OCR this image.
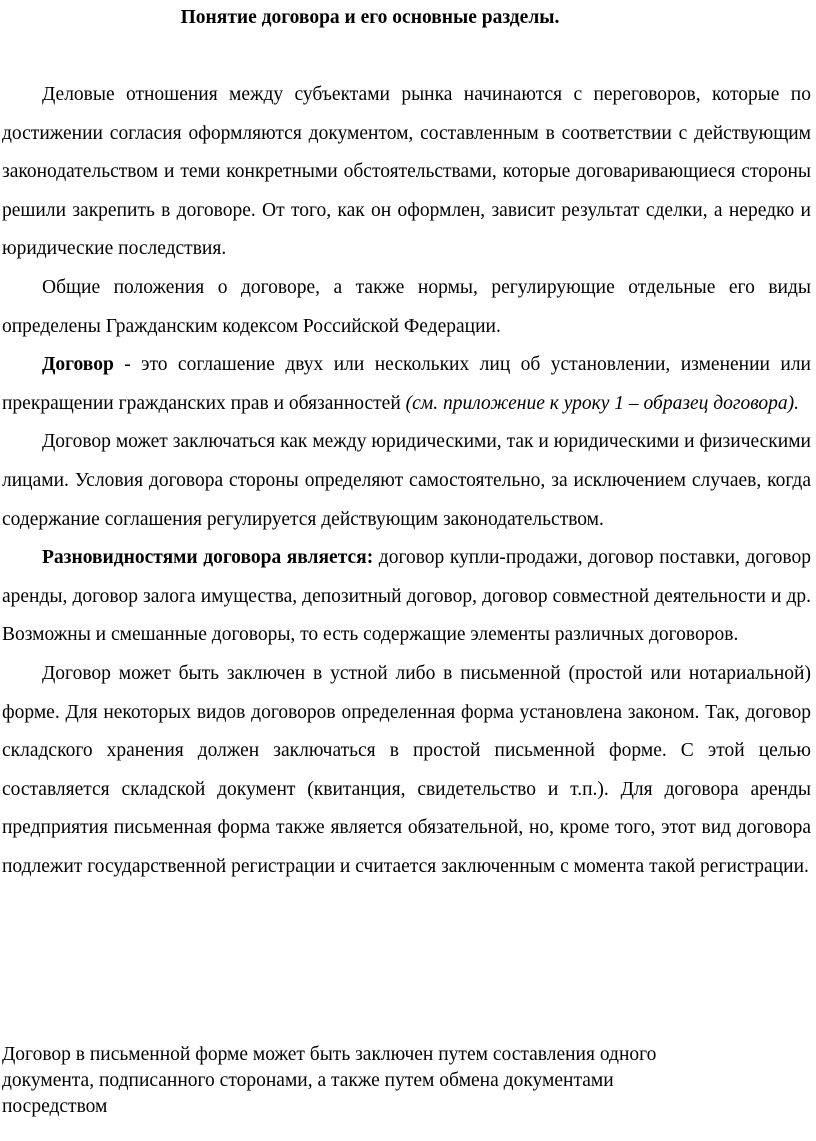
Понятие договора и его основные разделы.

Деловые отношения между субъектами рынка начинаются с переговоров, которые по достижении согласия оформляются документом, составленным в соответствии с действующим законодательством и теми конкретными обстоятельствами, которые договаривающиеся стороны решили закрепить в договоре. От того, как он оформлен, зависит результат сделки, а нередко и юридические последствия.

Общие положения о договоре, а также нормы, регулирующие отдельные его виды определены Гражданским кодексом Российской Федерации.

Договор - это соглашение двух или нескольких лиц об установлении, изменении или прекращении гражданских прав и обязанностей (см. приложение к уроку 1 – образец договора).

Договор может заключаться как между юридическими, так и юридическими и физическими лицами. Условия договора стороны определяют самостоятельно, за исключением случаев, когда содержание соглашения регулируется действующим законодательством.

Разновидностями договора является: договор купли-продажи, договор поставки, договор аренды, договор залога имущества, депозитный договор, договор совместной деятельности и др. Возможны и смешанные договоры, то есть содержащие элементы различных договоров.

Договор может быть заключен в устной либо в письменной (простой или нотариальной) форме. Для некоторых видов договоров определенная форма установлена законом. Так, договор складского хранения должен заключаться в простой письменной форме. С этой целью составляется складской документ (квитанция, свидетельство и т.п.). Для договора аренды предприятия письменная форма также является обязательной, но, кроме того, этот вид договора подлежит государственной регистрации и считается заключенным с момента такой регистрации.

Договор в письменной форме может быть заключен путем составления одного

документа, подписанного сторонами, а также путем обмена документами

посредством
